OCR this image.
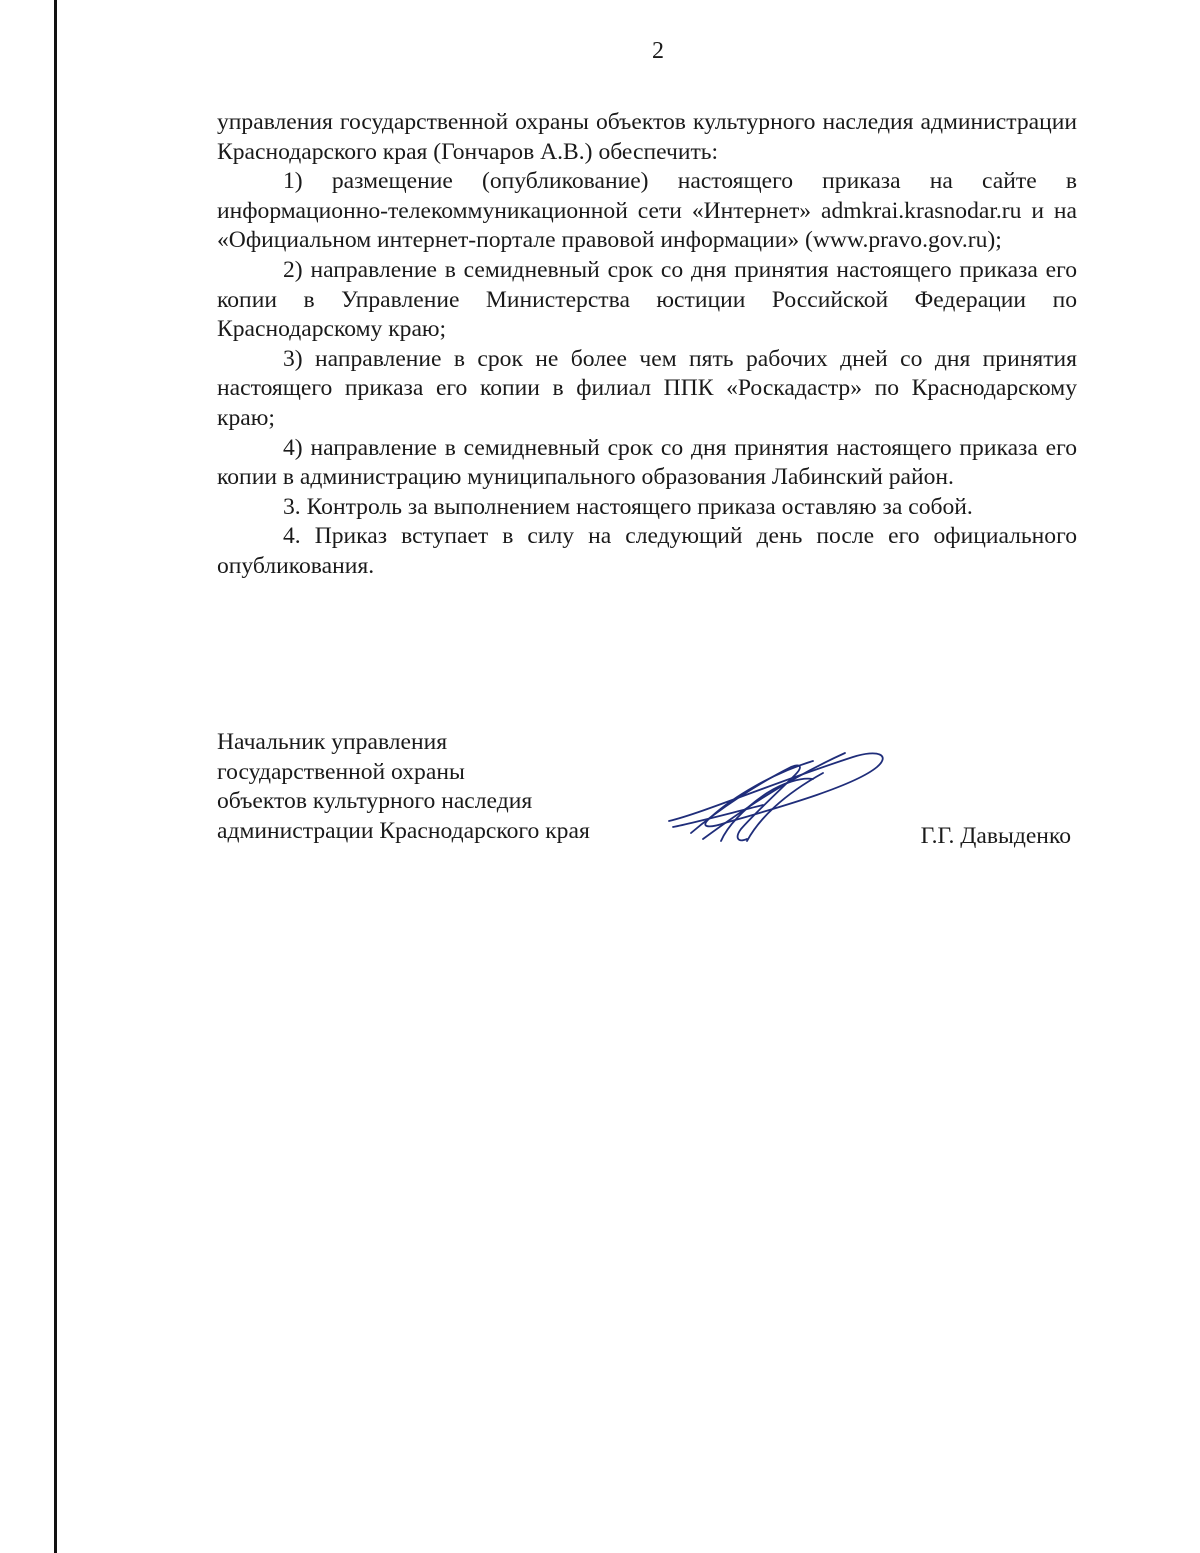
2

управления государственной охраны объектов культурного наследия администрации Краснодарского края (Гончаров А.В.) обеспечить:

1) размещение (опубликование) настоящего приказа на сайте в информационно-телекоммуникационной сети «Интернет» admkrai.krasnodar.ru и на «Официальном интернет-портале правовой информации» (www.pravo.gov.ru);

2) направление в семидневный срок со дня принятия настоящего приказа его копии в Управление Министерства юстиции Российской Федерации по Краснодарскому краю;

3) направление в срок не более чем пять рабочих дней со дня принятия настоящего приказа его копии в филиал ППК «Роскадастр» по Краснодарскому краю;

4) направление в семидневный срок со дня принятия настоящего приказа его копии в администрацию муниципального образования Лабинский район.

3. Контроль за выполнением настоящего приказа оставляю за собой.

4. Приказ вступает в силу на следующий день после его официального опубликования.

Начальник управления
государственной охраны
объектов культурного наследия
администрации Краснодарского края	Г.Г. Давыденко
